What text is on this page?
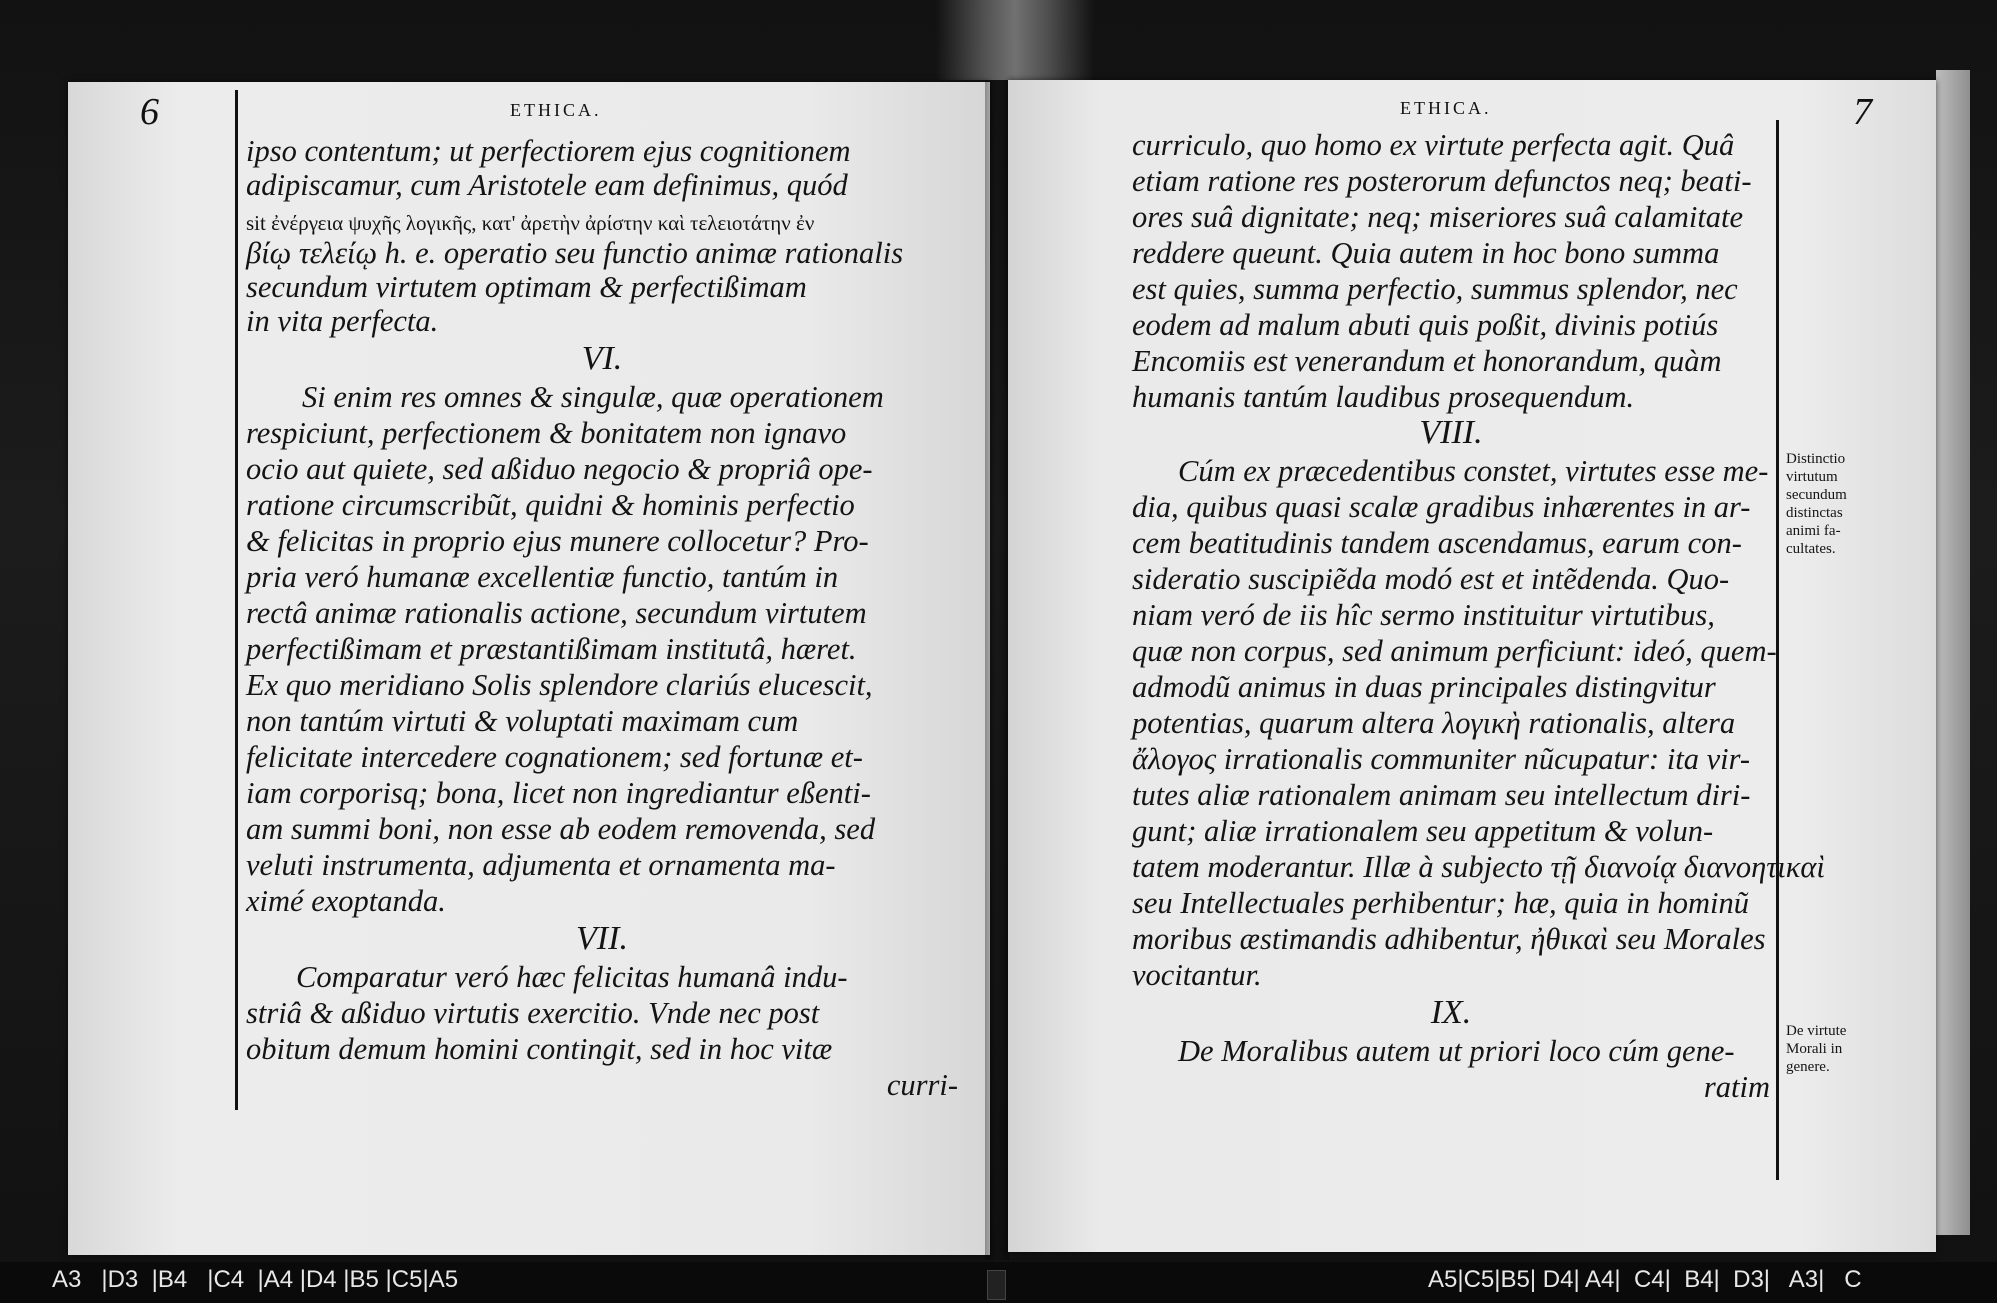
6	ETHICA.
ipso contentum; ut perfectiorem ejus cognitionem
adipiscamur, cum Aristotele eam definimus, quód
sit ἐνέργεια ψυχῆς λογικῆς, κατ' ἀρετὴν ἀρίστην καὶ τελειοτάτην ἐν
βίῳ τελείῳ h. e. operatio seu functio animæ rationalis
secundum virtutem optimam & perfectißimam
in vita perfecta.
VI.
Si enim res omnes & singulæ, quæ operationem
respiciunt, perfectionem & bonitatem non ignavo
ocio aut quiete, sed aßiduo negocio & propriâ ope-
ratione circumscribũt, quidni & hominis perfectio
& felicitas in proprio ejus munere collocetur? Pro-
pria veró humanæ excellentiæ functio, tantúm in
rectâ animæ rationalis actione, secundum virtutem
perfectißimam et præstantißimam institutâ, hæret.
Ex quo meridiano Solis splendore clariús elucescit,
non tantúm virtuti & voluptati maximam cum
felicitate intercedere cognationem; sed fortunæ et-
iam corporisq; bona, licet non ingrediantur eßenti-
am summi boni, non esse ab eodem removenda, sed
veluti instrumenta, adjumenta et ornamenta ma-
ximé exoptanda.
VII.
Comparatur veró hæc felicitas humanâ indu-
striâ & aßiduo virtutis exercitio. Vnde nec post
obitum demum homini contingit, sed in hoc vitæ
curri-
ETHICA.	7
curriculo, quo homo ex virtute perfecta agit. Quâ
etiam ratione res posterorum defunctos neq; beati-
ores suâ dignitate; neq; miseriores suâ calamitate
reddere queunt. Quia autem in hoc bono summa
est quies, summa perfectio, summus splendor, nec
eodem ad malum abuti quis poßit, divinis potiús
Encomiis est venerandum et honorandum, quàm
humanis tantúm laudibus prosequendum.
VIII.
Cúm ex præcedentibus constet, virtutes esse me-
dia, quibus quasi scalæ gradibus inhærentes in ar-
cem beatitudinis tandem ascendamus, earum con-
sideratio suscipiẽda modó est et intẽdenda. Quo-
niam veró de iis hîc sermo instituitur virtutibus,
quæ non corpus, sed animum perficiunt: ideó, quem-
admodũ animus in duas principales distingvitur
potentias, quarum altera λογικὴ rationalis, altera
ἄλογος irrationalis communiter nũcupatur: ita vir-
tutes aliæ rationalem animam seu intellectum diri-
gunt; aliæ irrationalem seu appetitum & volun-
tatem moderantur. Illæ à subjecto τῇ διανοίᾳ διανοητικαὶ
seu Intellectuales perhibentur; hæ, quia in hominũ
moribus æstimandis adhibentur, ἠθικαὶ seu Morales
vocitantur.
IX.
De Moralibus autem ut priori loco cúm gene-
ratim
Distinctio
virtutum
secundum
distinctas
animi fa-
cultates.
De virtute
Morali in
genere.
A3   |D3  |B4   |C4  |A4 |D4 |B5 |C5|A5	A5|C5|B5| D4| A4|  C4|  B4|  D3|   A3|   C
